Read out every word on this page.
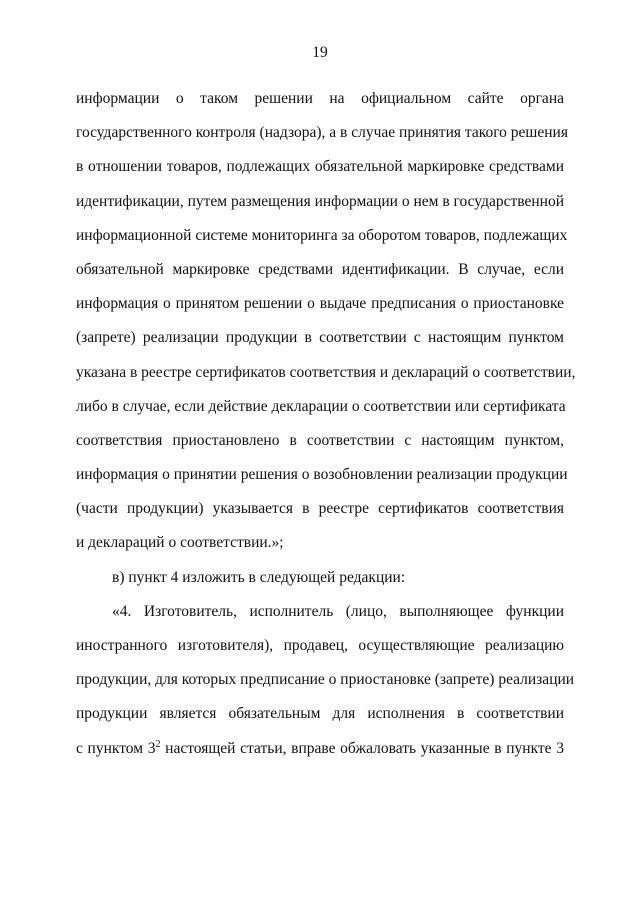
19
информации о таком решении на официальном сайте органа
государственного контроля (надзора), а в случае принятия такого решения
в отношении товаров, подлежащих обязательной маркировке средствами
идентификации, путем размещения информации о нем в государственной
информационной системе мониторинга за оборотом товаров, подлежащих
обязательной маркировке средствами идентификации. В случае, если
информация о принятом решении о выдаче предписания о приостановке
(запрете) реализации продукции в соответствии с настоящим пунктом
указана в реестре сертификатов соответствия и деклараций о соответствии,
либо в случае, если действие декларации о соответствии или сертификата
соответствия приостановлено в соответствии с настоящим пунктом,
информация о принятии решения о возобновлении реализации продукции
(части продукции) указывается в реестре сертификатов соответствия
и деклараций о соответствии.»;
в) пункт 4 изложить в следующей редакции:
«4. Изготовитель, исполнитель (лицо, выполняющее функции
иностранного изготовителя), продавец, осуществляющие реализацию
продукции, для которых предписание о приостановке (запрете) реализации
продукции является обязательным для исполнения в соответствии
с пунктом $3^2$ настоящей статьи, вправе обжаловать указанные в пункте 3
